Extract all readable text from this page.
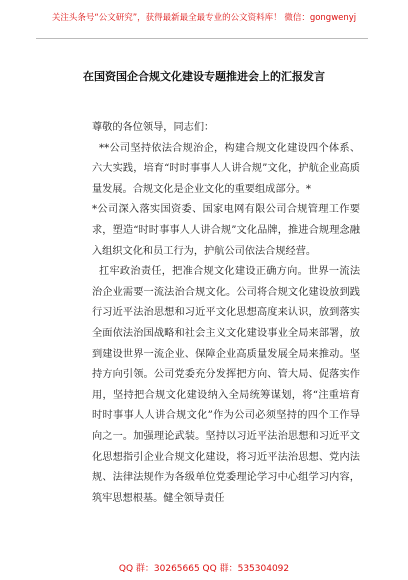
关注头条号“公文研究”，获得最新最全最专业的公文资料库！ 微信：gongwenyj
在国资国企合规文化建设专题推进会上的汇报发言

尊敬的各位领导，同志们：

**公司坚持依法合规治企，构建合规文化建设四个体系、六大实践，培育“时时事事人人讲合规”文化，护航企业高质量发展。合规文化是企业文化的重要组成部分。*

*公司深入落实国资委、国家电网有限公司合规管理工作要求，塑造“时时事事人人讲合规”文化品牌，推进合规理念融入组织文化和员工行为，护航公司依法合规经营。

扛牢政治责任，把准合规文化建设正确方向。世界一流法治企业需要一流法治合规文化。公司将合规文化建设放到践行习近平法治思想和习近平文化思想高度来认识，放到落实全面依法治国战略和社会主义文化建设事业全局来部署，放到建设世界一流企业、保障企业高质量发展全局来推动。坚持方向引领。公司党委充分发挥把方向、管大局、促落实作用，坚持把合规文化建设纳入全局统筹谋划，将“注重培育时时事事人人讲合规文化”作为公司必须坚持的四个工作导向之一。加强理论武装。坚持以习近平法治思想和习近平文化思想指引企业合规文化建设，将习近平法治思想、党内法规、法律法规作为各级单位党委理论学习中心组学习内容，筑牢思想根基。健全领导责任

QQ 群：30265665 QQ 群：535304092
